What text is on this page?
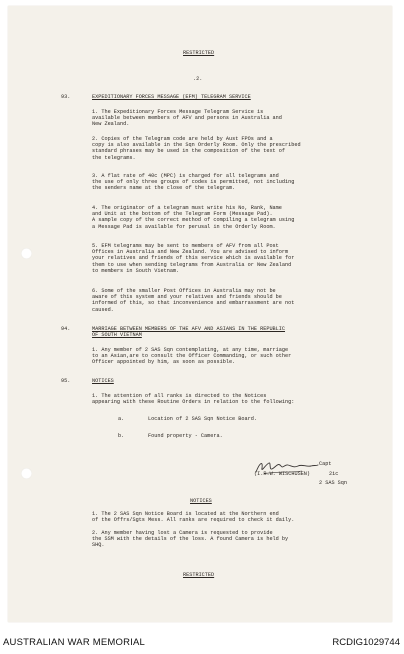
RESTRICTED
.2.
93.	EXPEDITIONARY FORCES MESSAGE (EFM) TELEGRAM SERVICE
1. The Expeditionary Forces Message Telegram Service is
available between members of AFV and persons in Australia and
New Zealand.
2. Copies of the Telegram code are held by Aust FPOs and a
copy is also available in the Sqn Orderly Room. Only the prescribed
standard phrases may be used in the composition of the text of
the telegrams.
3. A flat rate of 40c (MPC) is charged for all telegrams and
the use of only three groups of codes is permitted, not including
the senders name at the close of the telegram.
4. The originator of a telegram must write his No, Rank, Name
and Unit at the bottom of the Telegram Form (Message Pad).
A sample copy of the correct method of compiling a telegram using
a Message Pad is available for perusal in the Orderly Room.
5. EFM telegrams may be sent to members of AFV from all Post
Offices in Australia and New Zealand. You are advised to inform
your relatives and friends of this service which is available for
them to use when sending telegrams from Australia or New Zealand
to members in South Vietnam.
6. Some of the smaller Post Offices in Australia may not be
aware of this system and your relatives and friends should be
informed of this, so that inconvenience and embarrassment are not
caused.
94.	MARRIAGE BETWEEN MEMBERS OF THE AFV AND ASIANS IN THE REPUBLIC
OF SOUTH VIETNAM
1. Any member of 2 SAS Sqn contemplating, at any time, marriage
to an Asian,are to consult the Officer Commanding, or such other
Officer appointed by him, as soon as possible.
95.	NOTICES
1. The attention of all ranks is directed to the Notices
appearing with these Routine Orders in relation to the following:
a.	Location of 2 SAS Sqn Notice Board.
b.	Found property - Camera.
Capt
(I.R.W. WISCHUSEN)	2ic
2 SAS Sqn
NOTICES
1. The 2 SAS Sqn Notice Board is located at the Northern end
of the Offrs/Sgts Mess. All ranks are required to check it daily.
2. Any member having lost a Camera is requested to provide
the SSM with the details of the loss. A found Camera is held by
SHQ.
RESTRICTED
AUSTRALIAN WAR MEMORIAL	RCDIG1029744
